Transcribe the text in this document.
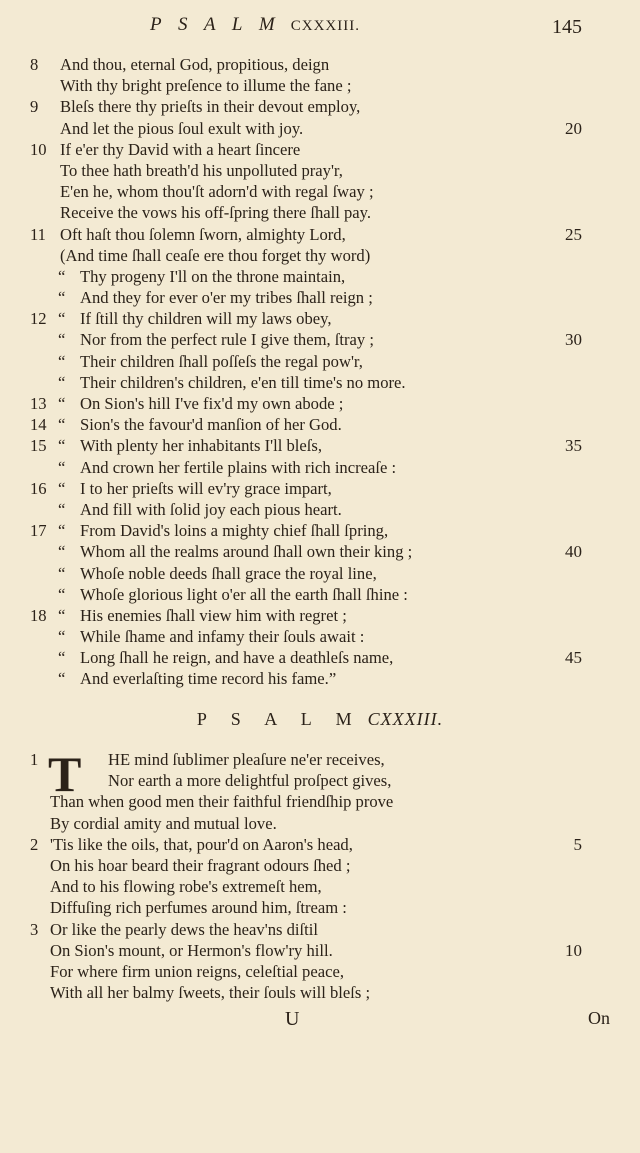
P S A L M CXXXIII.	145
8	And thou, eternal God, propitious, deign
With thy bright preſence to illume the fane ;
9	Bleſs there thy prieſts in their devout employ,
And let the pious ſoul exult with joy.	20
10 If e'er thy David with a heart ſincere
To thee hath breath'd his unpolluted pray'r,
E'en he, whom thou'ſt adorn'd with regal ſway ;
Receive the vows his off-ſpring there ſhall pay.
11 Oft haſt thou ſolemn ſworn, almighty Lord,	25
(And time ſhall ceaſe ere thou forget thy word)
“ Thy progeny I'll on the throne maintain,
“ And they for ever o'er my tribes ſhall reign ;
12 “ If ſtill thy children will my laws obey,
“ Nor from the perfect rule I give them, ſtray ;	30
“ Their children ſhall poſſeſs the regal pow'r,
“ Their children's children, e'en till time's no more.
13 “ On Sion's hill I've fix'd my own abode ;
14 “ Sion's the favour'd manſion of her God.
15 “ With plenty her inhabitants I'll bleſs,	35
“ And crown her fertile plains with rich increaſe :
16 “ I to her prieſts will ev'ry grace impart,
“ And fill with ſolid joy each pious heart.
17 “ From David's loins a mighty chief ſhall ſpring,
“ Whom all the realms around ſhall own their king ;	40
“ Whoſe noble deeds ſhall grace the royal line,
“ Whoſe glorious light o'er all the earth ſhall ſhine :
18 “ His enemies ſhall view him with regret ;
“ While ſhame and infamy their ſouls await :
“ Long ſhall he reign, and have a deathleſs name,	45
“ And everlaſting time record his fame.”
P S A L M CXXXIII.
T
1	HE mind ſublimer pleaſure ne'er receives,
Nor earth a more delightful proſpect gives,
Than when good men their faithful friendſhip prove
By cordial amity and mutual love.
2 'Tis like the oils, that, pour'd on Aaron's head,	5
On his hoar beard their fragrant odours ſhed ;
And to his flowing robe's extremeſt hem,
Diffuſing rich perfumes around him, ſtream :
3 Or like the pearly dews the heav'ns diſtil
On Sion's mount, or Hermon's flow'ry hill.	10
For where firm union reigns, celeſtial peace,
With all her balmy ſweets, their ſouls will bleſs ;
U	On
